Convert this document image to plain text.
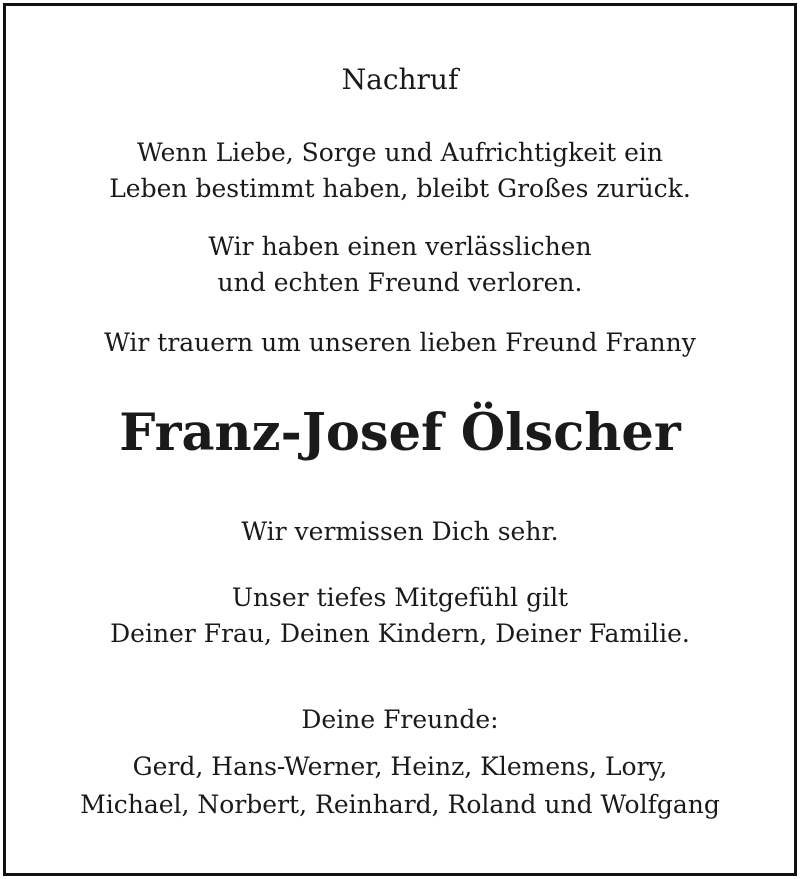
Nachruf
Wenn Liebe, Sorge und Aufrichtigkeit ein
Leben bestimmt haben, bleibt Großes zurück.
Wir haben einen verlässlichen
und echten Freund verloren.
Wir trauern um unseren lieben Freund Franny
Franz-Josef Ölscher
Wir vermissen Dich sehr.
Unser tiefes Mitgefühl gilt
Deiner Frau, Deinen Kindern, Deiner Familie.
Deine Freunde:
Gerd, Hans-Werner, Heinz, Klemens, Lory,
Michael, Norbert, Reinhard, Roland und Wolfgang
